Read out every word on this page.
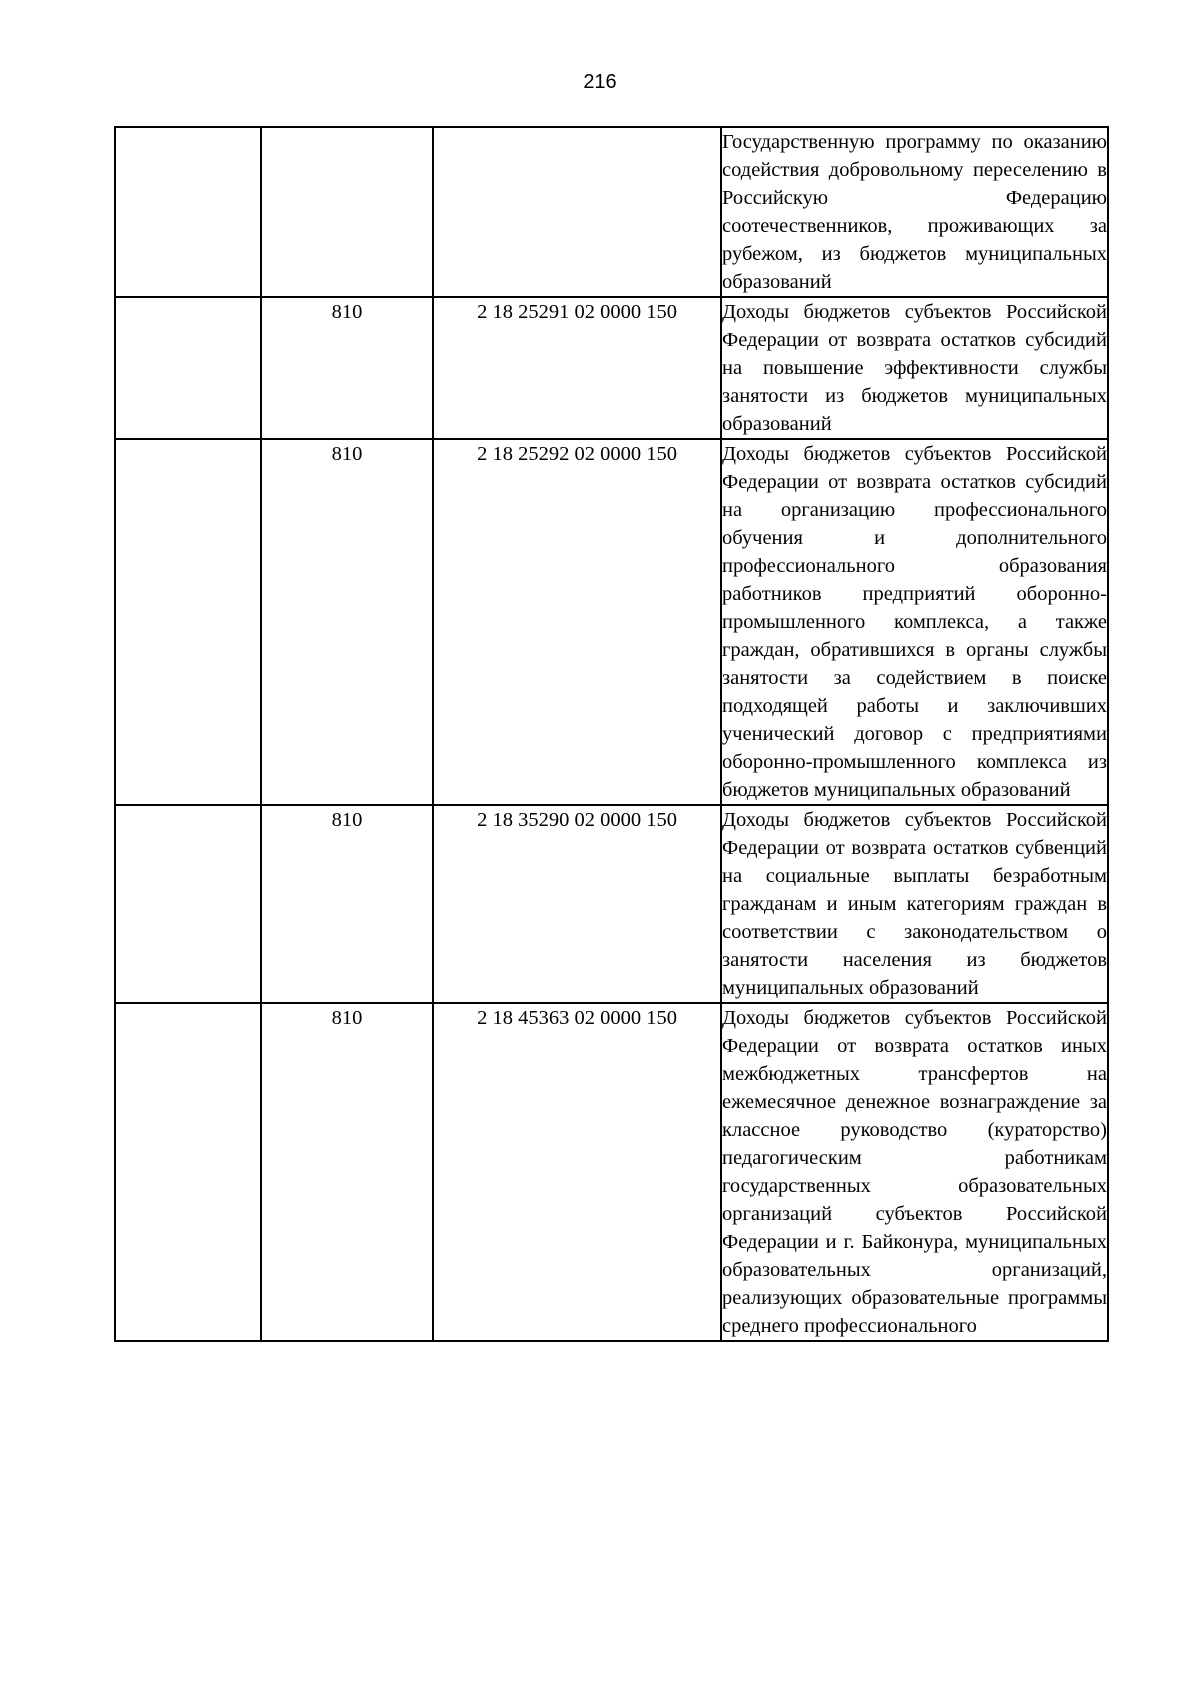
216
			Государственную программу по оказанию содействия добровольному переселению в Российскую Федерацию соотечественников, проживающих за рубежом, из бюджетов муниципальных образований
	810	2 18 25291 02 0000 150	Доходы бюджетов субъектов Российской Федерации от возврата остатков субсидий на повышение эффективности службы занятости из бюджетов муниципальных образований
	810	2 18 25292 02 0000 150	Доходы бюджетов субъектов Российской Федерации от возврата остатков субсидий на организацию профессионального обучения и дополнительного профессионального образования работников предприятий оборонно-промышленного комплекса, а также граждан, обратившихся в органы службы занятости за содействием в поиске подходящей работы и заключивших ученический договор с предприятиями оборонно-промышленного комплекса из бюджетов муниципальных образований
	810	2 18 35290 02 0000 150	Доходы бюджетов субъектов Российской Федерации от возврата остатков субвенций на социальные выплаты безработным гражданам и иным категориям граждан в соответствии с законодательством о занятости населения из бюджетов муниципальных образований
	810	2 18 45363 02 0000 150	Доходы бюджетов субъектов Российской Федерации от возврата остатков иных межбюджетных трансфертов на ежемесячное денежное вознаграждение за классное руководство (кураторство) педагогическим работникам государственных образовательных организаций субъектов Российской Федерации и г. Байконура, муниципальных образовательных организаций, реализующих образовательные программы среднего профессионального
